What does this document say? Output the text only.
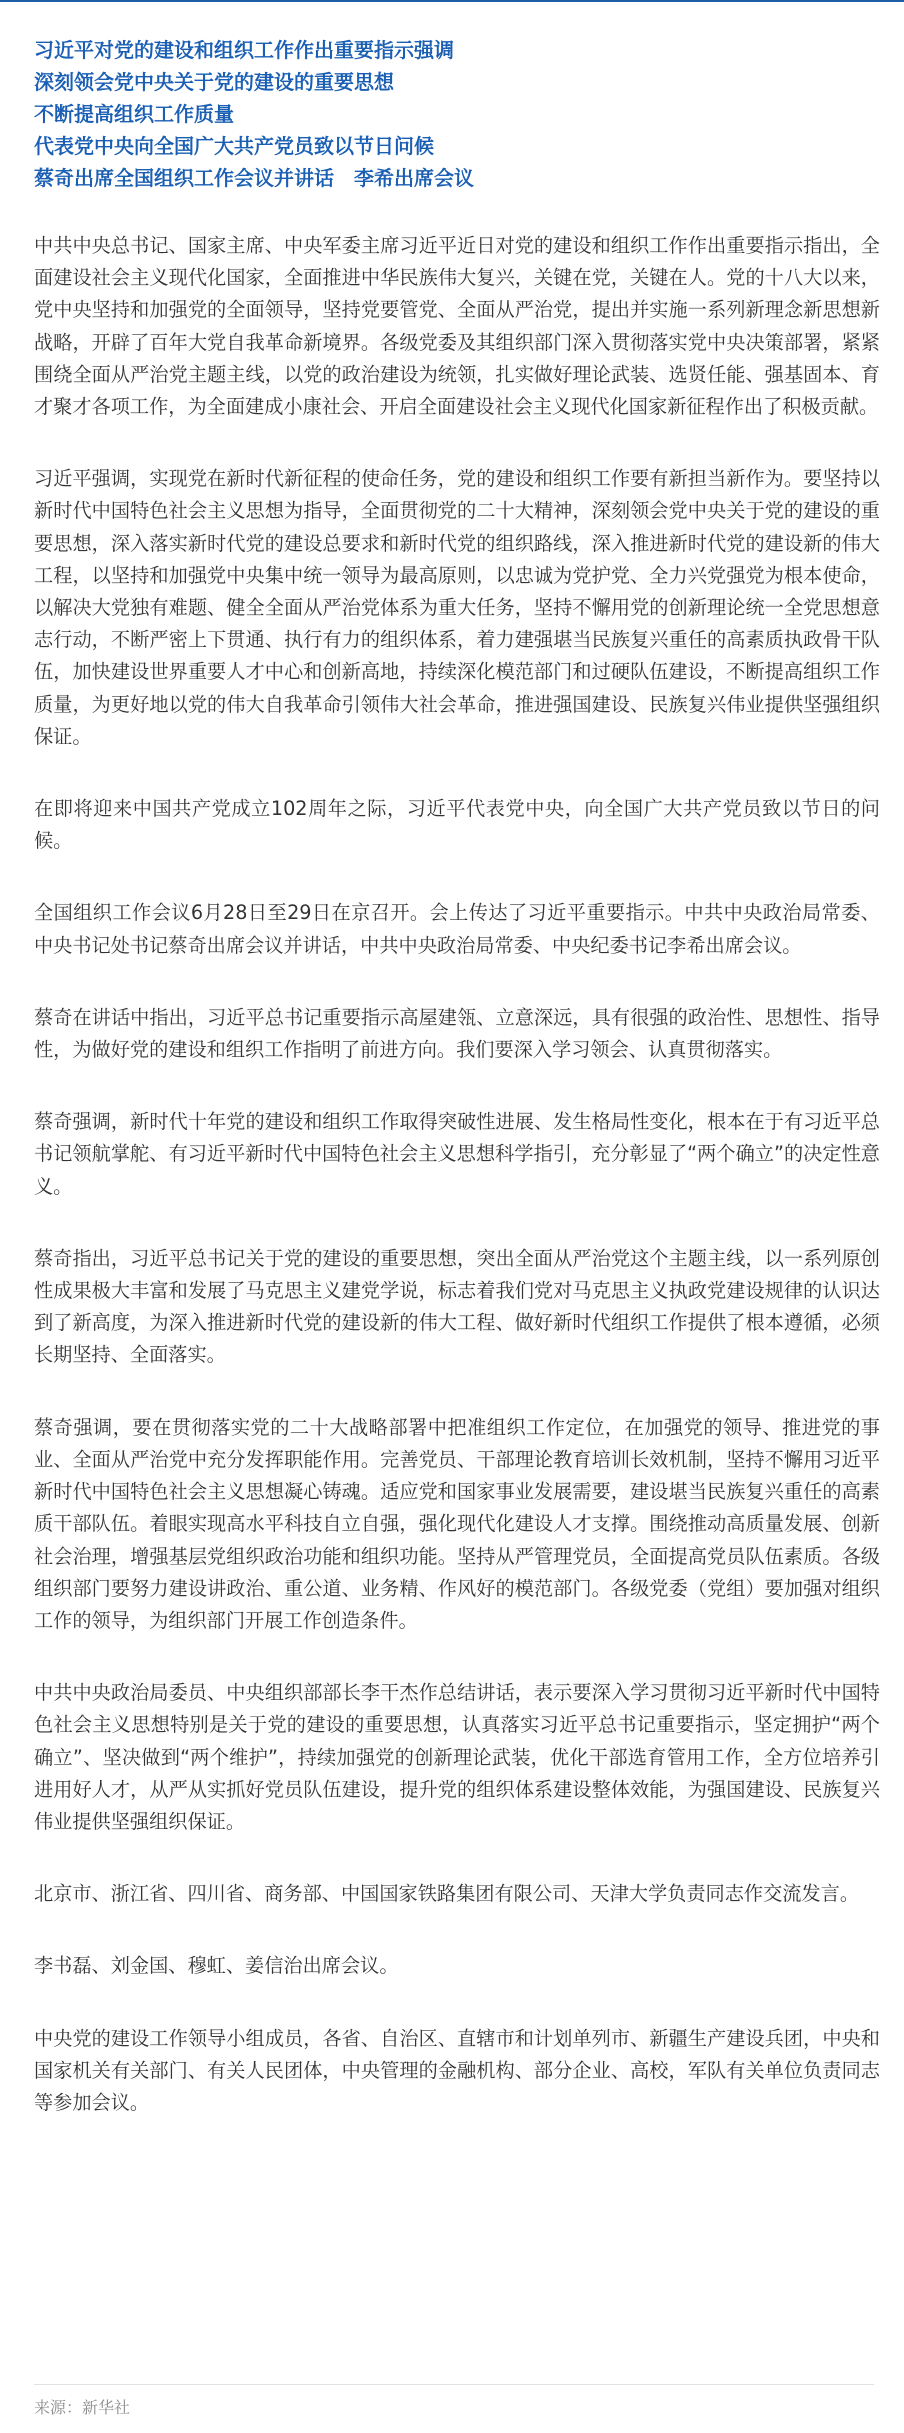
习近平对党的建设和组织工作作出重要指示强调

深刻领会党中央关于党的建设的重要思想

不断提高组织工作质量

代表党中央向全国广大共产党员致以节日问候

蔡奇出席全国组织工作会议并讲话　李希出席会议

中共中央总书记、国家主席、中央军委主席习近平近日对党的建设和组织工作作出重要指示指出，全面建设社会主义现代化国家，全面推进中华民族伟大复兴，关键在党，关键在人。党的十八大以来，党中央坚持和加强党的全面领导，坚持党要管党、全面从严治党，提出并实施一系列新理念新思想新战略，开辟了百年大党自我革命新境界。各级党委及其组织部门深入贯彻落实党中央决策部署，紧紧围绕全面从严治党主题主线，以党的政治建设为统领，扎实做好理论武装、选贤任能、强基固本、育才聚才各项工作，为全面建成小康社会、开启全面建设社会主义现代化国家新征程作出了积极贡献。

习近平强调，实现党在新时代新征程的使命任务，党的建设和组织工作要有新担当新作为。要坚持以新时代中国特色社会主义思想为指导，全面贯彻党的二十大精神，深刻领会党中央关于党的建设的重要思想，深入落实新时代党的建设总要求和新时代党的组织路线，深入推进新时代党的建设新的伟大工程，以坚持和加强党中央集中统一领导为最高原则，以忠诚为党护党、全力兴党强党为根本使命，以解决大党独有难题、健全全面从严治党体系为重大任务，坚持不懈用党的创新理论统一全党思想意志行动，不断严密上下贯通、执行有力的组织体系，着力建强堪当民族复兴重任的高素质执政骨干队伍，加快建设世界重要人才中心和创新高地，持续深化模范部门和过硬队伍建设，不断提高组织工作质量，为更好地以党的伟大自我革命引领伟大社会革命，推进强国建设、民族复兴伟业提供坚强组织保证。

在即将迎来中国共产党成立102周年之际，习近平代表党中央，向全国广大共产党员致以节日的问候。

全国组织工作会议6月28日至29日在京召开。会上传达了习近平重要指示。中共中央政治局常委、中央书记处书记蔡奇出席会议并讲话，中共中央政治局常委、中央纪委书记李希出席会议。

蔡奇在讲话中指出，习近平总书记重要指示高屋建瓴、立意深远，具有很强的政治性、思想性、指导性，为做好党的建设和组织工作指明了前进方向。我们要深入学习领会、认真贯彻落实。

蔡奇强调，新时代十年党的建设和组织工作取得突破性进展、发生格局性变化，根本在于有习近平总书记领航掌舵、有习近平新时代中国特色社会主义思想科学指引，充分彰显了“两个确立”的决定性意义。

蔡奇指出，习近平总书记关于党的建设的重要思想，突出全面从严治党这个主题主线，以一系列原创性成果极大丰富和发展了马克思主义建党学说，标志着我们党对马克思主义执政党建设规律的认识达到了新高度，为深入推进新时代党的建设新的伟大工程、做好新时代组织工作提供了根本遵循，必须长期坚持、全面落实。

蔡奇强调，要在贯彻落实党的二十大战略部署中把准组织工作定位，在加强党的领导、推进党的事业、全面从严治党中充分发挥职能作用。完善党员、干部理论教育培训长效机制，坚持不懈用习近平新时代中国特色社会主义思想凝心铸魂。适应党和国家事业发展需要，建设堪当民族复兴重任的高素质干部队伍。着眼实现高水平科技自立自强，强化现代化建设人才支撑。围绕推动高质量发展、创新社会治理，增强基层党组织政治功能和组织功能。坚持从严管理党员，全面提高党员队伍素质。各级组织部门要努力建设讲政治、重公道、业务精、作风好的模范部门。各级党委（党组）要加强对组织工作的领导，为组织部门开展工作创造条件。

中共中央政治局委员、中央组织部部长李干杰作总结讲话，表示要深入学习贯彻习近平新时代中国特色社会主义思想特别是关于党的建设的重要思想，认真落实习近平总书记重要指示，坚定拥护“两个确立”、坚决做到“两个维护”，持续加强党的创新理论武装，优化干部选育管用工作，全方位培养引进用好人才，从严从实抓好党员队伍建设，提升党的组织体系建设整体效能，为强国建设、民族复兴伟业提供坚强组织保证。

北京市、浙江省、四川省、商务部、中国国家铁路集团有限公司、天津大学负责同志作交流发言。

李书磊、刘金国、穆虹、姜信治出席会议。

中央党的建设工作领导小组成员，各省、自治区、直辖市和计划单列市、新疆生产建设兵团，中央和国家机关有关部门、有关人民团体，中央管理的金融机构、部分企业、高校，军队有关单位负责同志等参加会议。

来源：新华社
